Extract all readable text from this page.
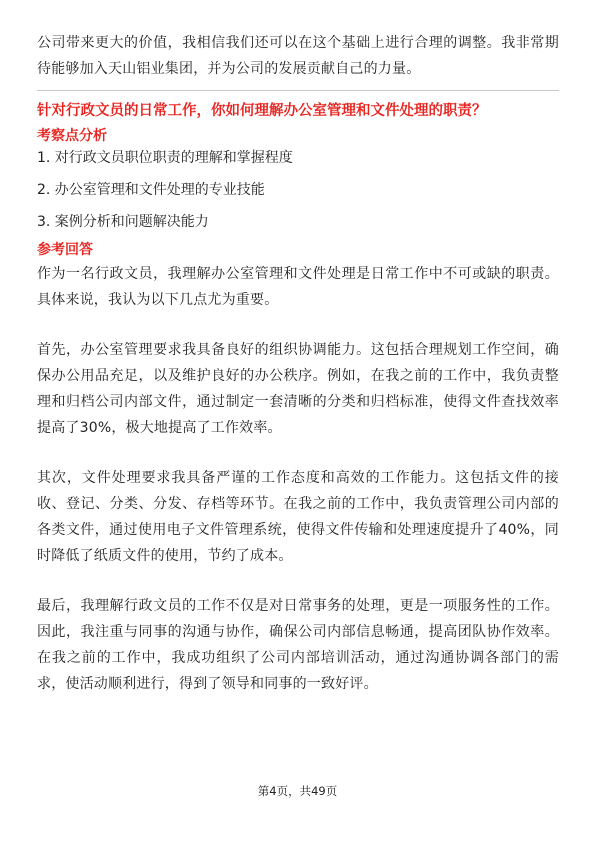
公司带来更大的价值，我相信我们还可以在这个基础上进行合理的调整。我非常期待能够加入天山铝业集团，并为公司的发展贡献自己的力量。

针对行政文员的日常工作，你如何理解办公室管理和文件处理的职责？

考察点分析

1. 对行政文员职位职责的理解和掌握程度
2. 办公室管理和文件处理的专业技能
3. 案例分析和问题解决能力

参考回答

作为一名行政文员，我理解办公室管理和文件处理是日常工作中不可或缺的职责。具体来说，我认为以下几点尤为重要。

首先，办公室管理要求我具备良好的组织协调能力。这包括合理规划工作空间，确保办公用品充足，以及维护良好的办公秩序。例如，在我之前的工作中，我负责整理和归档公司内部文件，通过制定一套清晰的分类和归档标准，使得文件查找效率提高了30%，极大地提高了工作效率。

其次，文件处理要求我具备严谨的工作态度和高效的工作能力。这包括文件的接收、登记、分类、分发、存档等环节。在我之前的工作中，我负责管理公司内部的各类文件，通过使用电子文件管理系统，使得文件传输和处理速度提升了40%，同时降低了纸质文件的使用，节约了成本。

最后，我理解行政文员的工作不仅是对日常事务的处理，更是一项服务性的工作。因此，我注重与同事的沟通与协作，确保公司内部信息畅通，提高团队协作效率。在我之前的工作中，我成功组织了公司内部培训活动，通过沟通协调各部门的需求，使活动顺利进行，得到了领导和同事的一致好评。

第4页，共49页
